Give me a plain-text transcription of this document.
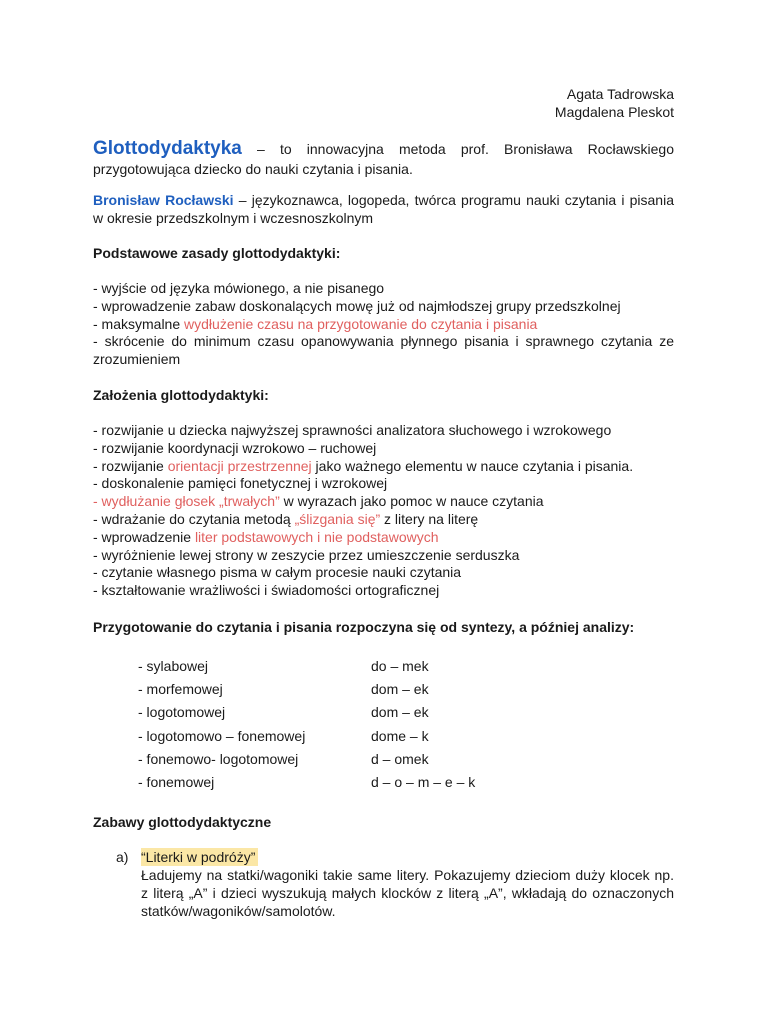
Agata Tadrowska
Magdalena Pleskot
Glottodydaktyka – to innowacyjna metoda prof. Bronisława Rocławskiego przygotowująca dziecko do nauki czytania i pisania.
Bronisław Rocławski – językoznawca, logopeda, twórca programu nauki czytania i pisania w okresie przedszkolnym i wczesnoszkolnym
Podstawowe zasady glottodydaktyki:
- wyjście od języka mówionego, a nie pisanego
- wprowadzenie zabaw doskonalących mowę już od najmłodszej grupy przedszkolnej
- maksymalne wydłużenie czasu na przygotowanie do czytania i pisania
- skrócenie do minimum czasu opanowywania płynnego pisania i sprawnego czytania ze zrozumieniem
Założenia glottodydaktyki:
- rozwijanie u dziecka najwyższej sprawności analizatora słuchowego i wzrokowego
- rozwijanie koordynacji wzrokowo – ruchowej
- rozwijanie orientacji przestrzennej jako ważnego elementu w nauce czytania i pisania.
- doskonalenie pamięci fonetycznej i wzrokowej
- wydłużanie głosek „trwałych” w wyrazach jako pomoc w nauce czytania
- wdrażanie do czytania metodą „ślizgania się” z litery na literę
- wprowadzenie liter podstawowych i nie podstawowych
- wyróżnienie lewej strony w zeszycie przez umieszczenie serduszka
- czytanie własnego pisma w całym procesie nauki czytania
- kształtowanie wrażliwości i świadomości ortograficznej
Przygotowanie do czytania i pisania rozpoczyna się od syntezy, a później analizy:
- sylabowej	do – mek
- morfemowej	dom – ek
- logotomowej	dom – ek
- logotomowo – fonemowej	dome – k
- fonemowo- logotomowej	d – omek
- fonemowej	d – o – m – e – k
Zabawy glottodydaktyczne
a) “Literki w podróży”
Ładujemy na statki/wagoniki takie same litery. Pokazujemy dzieciom duży klocek np. z literą „A” i dzieci wyszukują małych klocków z literą „A”, wkładają do oznaczonych statków/wagoników/samolotów.
